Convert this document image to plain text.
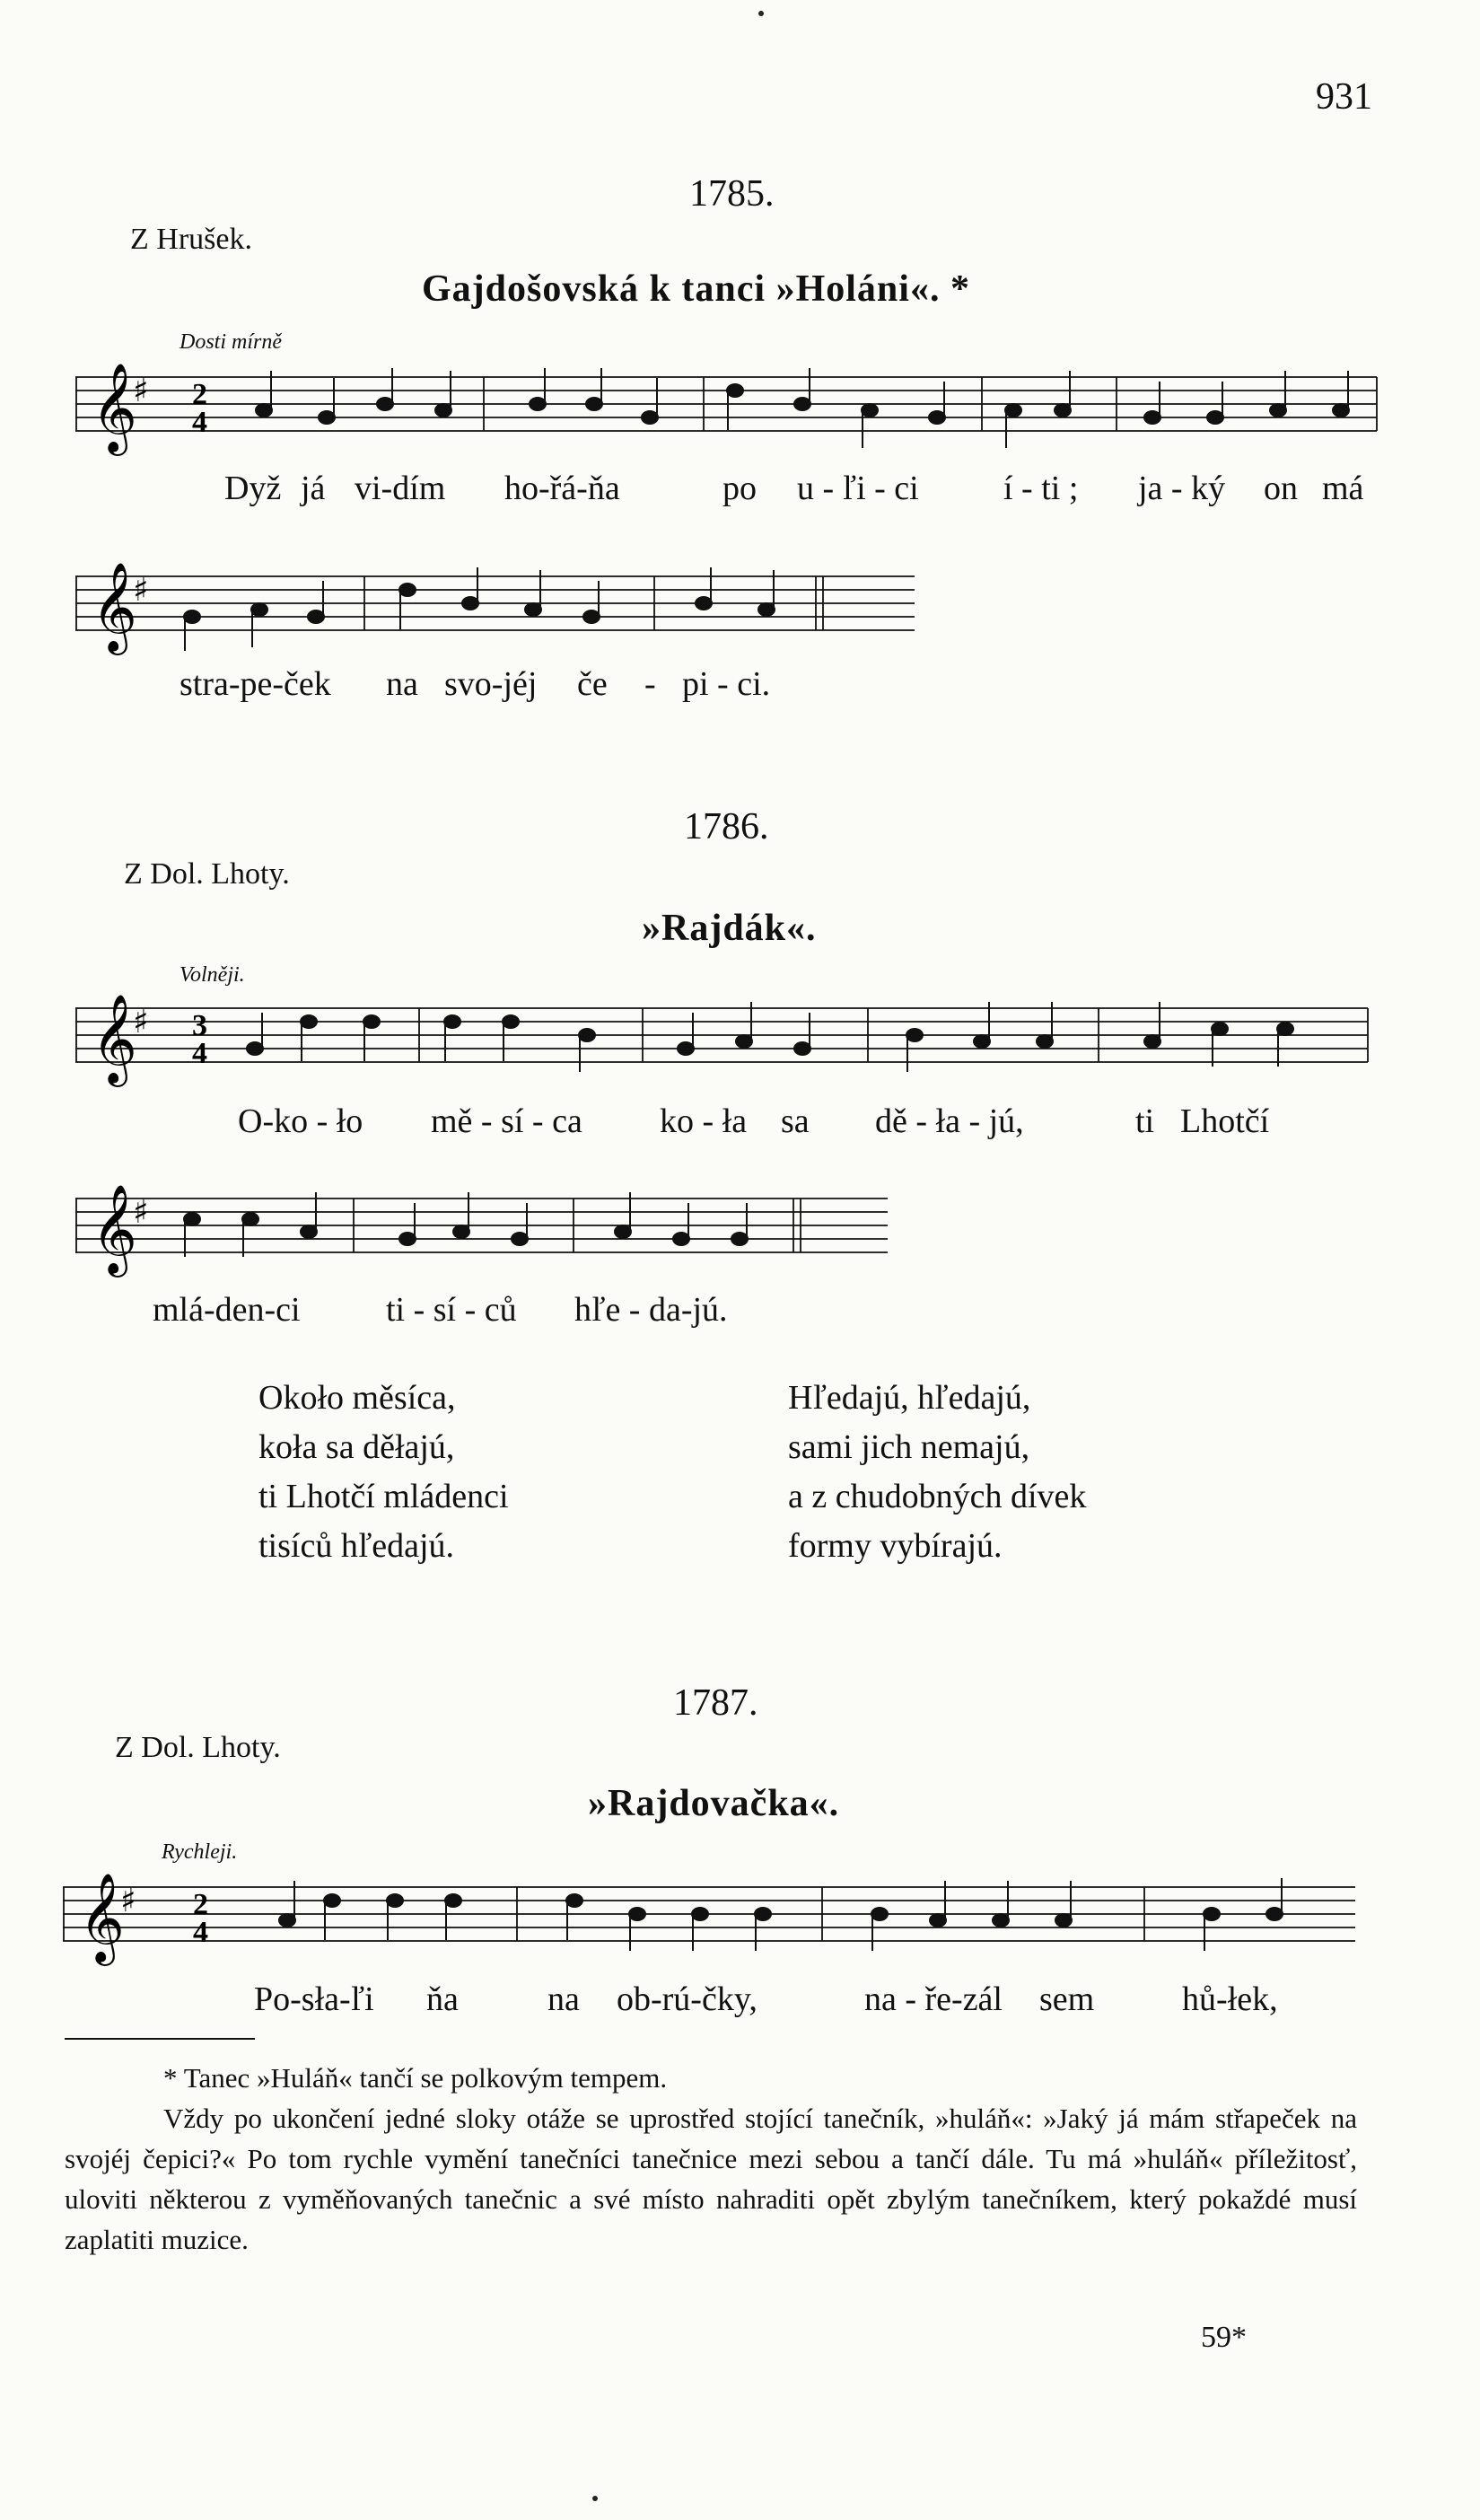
931
1785.
Z Hrušek.
Gajdošovská k tanci »Holáni«. *
Dosti mírně
𝄞
♯ 2
4
Dyž já vi-dím ho-řá-ňa	po u - ľi - ci í - ti ; ja - ký on má
𝄞
♯
stra-pe-ček na svo-jéj če - pi - ci.
1786.
Z Dol. Lhoty.
»Rajdák«.
Volněji.
𝄞
♯ 3
4
O-ko - ło mě - sí - ca ko - ła sa dě - ła - jú,	ti Lhotčí
𝄞
♯
mlá-den-ci	ti - sí - ců hľe - da-jú.
Około měsíca,
koła sa děłajú,
ti Lhotčí mládenci
tisíců hľedajú.
Hľedajú, hľedajú,
sami jich nemajú,
a z chudobných dívek
formy vybírajú.
1787.
Z Dol. Lhoty.
»Rajdovačka«.
Rychleji.
𝄞
♯ 2
4
Po-sła-ľi ňa	na ob-rú-čky,	na - ře-zál sem	hů-łek,
* Tanec »Huláň« tančí se polkovým tempem.
Vždy po ukončení jedné sloky otáže se uprostřed stojící tanečník, »huláň«: »Jaký já mám střapeček na svojéj čepici?« Po tom rychle vymění tanečníci tanečnice mezi sebou a tančí dále. Tu má »huláň« příležitosť, uloviti některou z vyměňovaných tanečnic a své místo nahraditi opět zbylým tanečníkem, který pokaždé musí zaplatiti muzice.
59*
